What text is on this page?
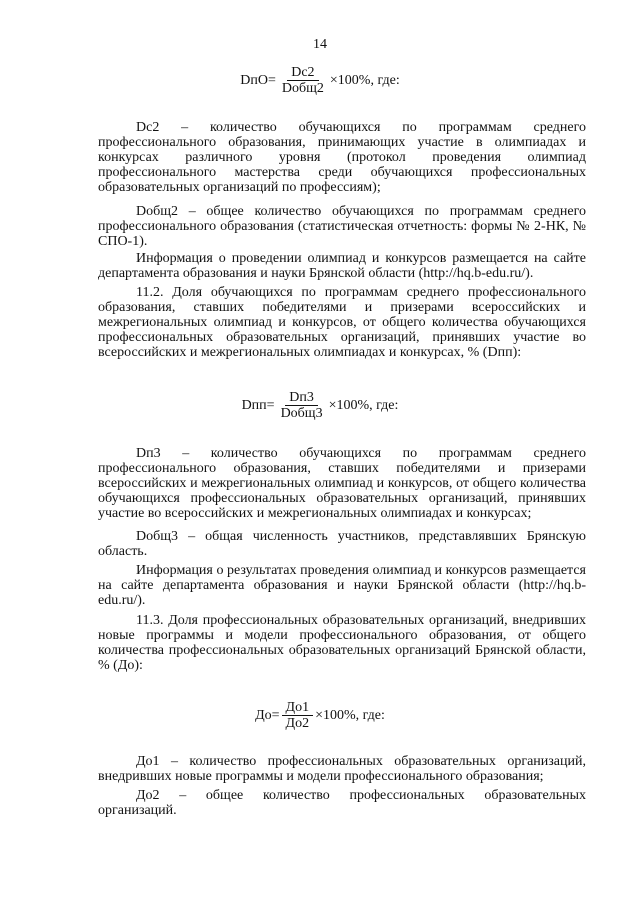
14
$DпО= \frac{Dс2}{\text{Dобщ2}} \times 100\%$, где:
Dс2 – количество обучающихся по программам среднего профессионального образования, принимающих участие в олимпиадах и конкурсах различного уровня (протокол проведения олимпиад профессионального мастерства среди обучающихся профессиональных образовательных организаций по профессиям);
Dобщ2 – общее количество обучающихся по программам среднего профессионального образования (статистическая отчетность: формы № 2-НК, № СПО-1).
Информация о проведении олимпиад и конкурсов размещается на сайте департамента образования и науки Брянской области (http://hq.b-edu.ru/).
11.2. Доля обучающихся по программам среднего профессионального образования, ставших победителями и призерами всероссийских и межрегиональных олимпиад и конкурсов, от общего количества обучающихся профессиональных образовательных организаций, принявших участие во всероссийских и межрегиональных олимпиадах и конкурсах, % (Dпп):
$Dпп= \frac{Dп3}{\text{Dобщ3}} \times 100\%$, где:
Dп3 – количество обучающихся по программам среднего профессионального образования, ставших победителями и призерами всероссийских и межрегиональных олимпиад и конкурсов, от общего количества обучающихся профессиональных образовательных организаций, принявших участие во всероссийских и межрегиональных олимпиадах и конкурсах;
Dобщ3 – общая численность участников, представлявших Брянскую область.
Информация о результатах проведения олимпиад и конкурсов размещается на сайте департамента образования и науки Брянской области (http://hq.b-edu.ru/).
11.3. Доля профессиональных образовательных организаций, внедривших новые программы и модели профессионального образования, от общего количества профессиональных образовательных организаций Брянской области, % (До):
$До= \frac{До1}{До2} \times 100\%$, где:
До1 – количество профессиональных образовательных организаций, внедривших новые программы и модели профессионального образования;
До2 – общее количество профессиональных образовательных организаций.
